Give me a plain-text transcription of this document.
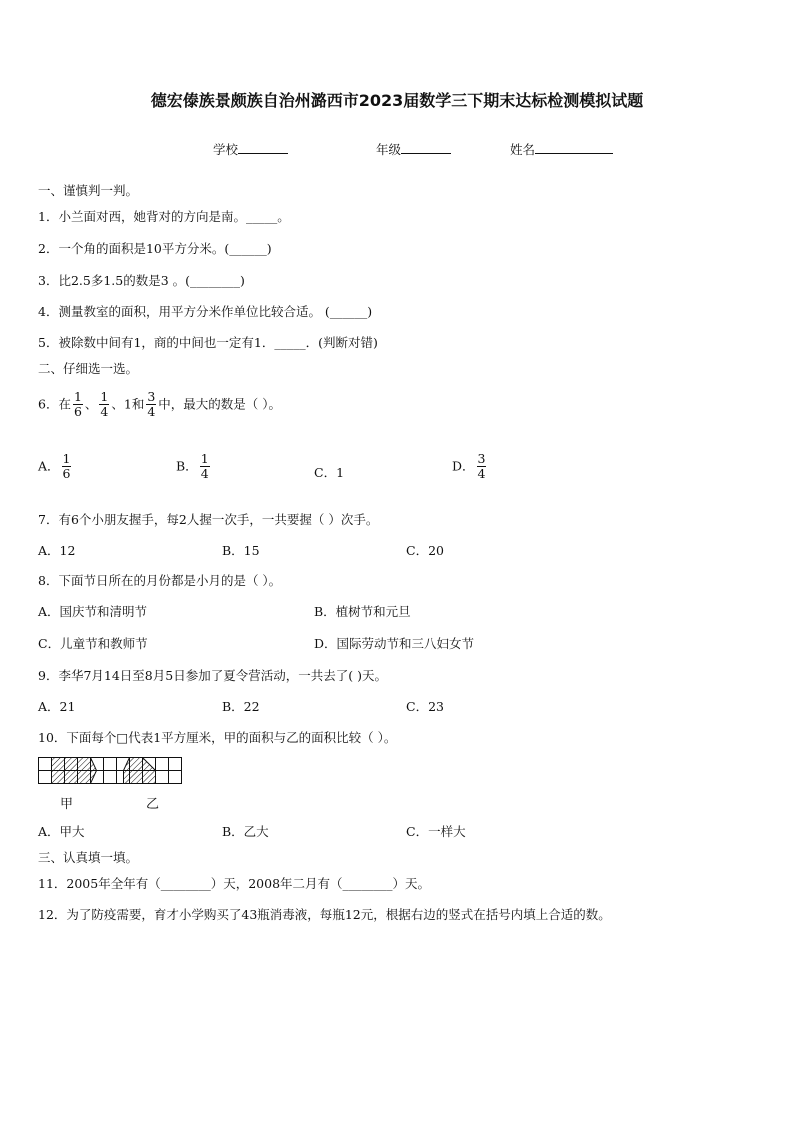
德宏傣族景颇族自治州潞西市2023届数学三下期末达标检测模拟试题
学校	年级	姓名
一、谨慎判一判。
1．小兰面对西，她背对的方向是南。_____。
2．一个角的面积是10平方分米。(______)
3．比2.5多1.5的数是3 。(________)
4．测量教室的面积，用平方分米作单位比较合适。 (______)
5．被除数中间有1，商的中间也一定有1．_____．(判断对错)
二、仔细选一选。
6．在 $\frac{1}{6}$ 、 $\frac{1}{4}$ 、1和 $\frac{3}{4}$ 中，最大的数是（ ）。
A． $\frac{1}{6}$	B． $\frac{1}{4}$	C．1	D． $\frac{3}{4}$
7．有6个小朋友握手，每2人握一次手，一共要握（ ）次手。
A．12	B．15	C．20
8．下面节日所在的月份都是小月的是（ ）。
A．国庆节和清明节	B．植树节和元旦
C．儿童节和教师节	D．国际劳动节和三八妇女节
9．李华7月14日至8月5日参加了夏令营活动，一共去了( )天。
A．21	B．22	C．23
10．下面每个□代表1平方厘米，甲的面积与乙的面积比较（ ）。
甲	乙
A．甲大	B．乙大	C．一样大
三、认真填一填。
11．2005年全年有（________）天，2008年二月有（________）天。
12．为了防疫需要，育才小学购买了43瓶消毒液，每瓶12元，根据右边的竖式在括号内填上合适的数。
